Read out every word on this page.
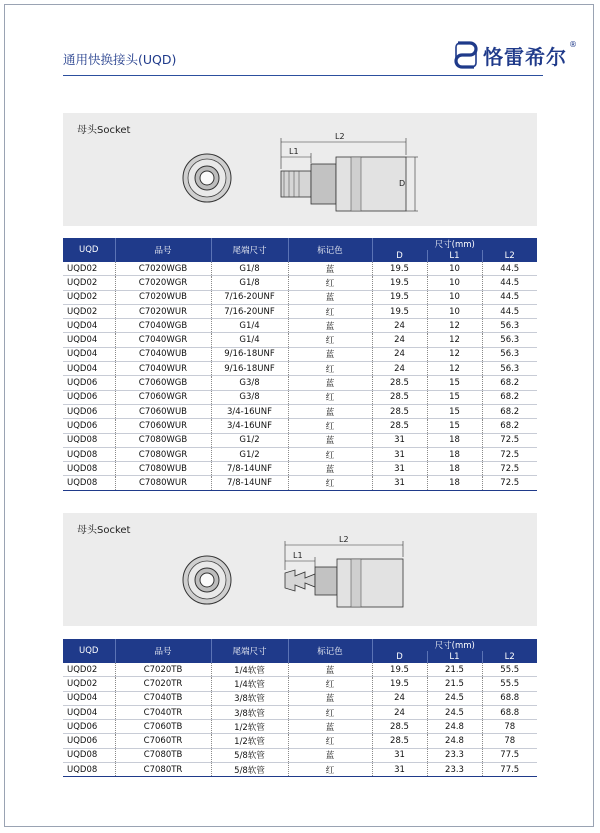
通用快换接头(UQD)	恪雷希尔 ®
母头Socket
L2
L1
D
UQD	品号	尾端尺寸	标记色	尺寸(mm)		
				D	L1	L2
UQD02	C7020WGB	G1/8	蓝	19.5	10	44.5
UQD02	C7020WGR	G1/8	红	19.5	10	44.5
UQD02	C7020WUB	7/16-20UNF	蓝	19.5	10	44.5
UQD02	C7020WUR	7/16-20UNF	红	19.5	10	44.5
UQD04	C7040WGB	G1/4	蓝	24	12	56.3
UQD04	C7040WGR	G1/4	红	24	12	56.3
UQD04	C7040WUB	9/16-18UNF	蓝	24	12	56.3
UQD04	C7040WUR	9/16-18UNF	红	24	12	56.3
UQD06	C7060WGB	G3/8	蓝	28.5	15	68.2
UQD06	C7060WGR	G3/8	红	28.5	15	68.2
UQD06	C7060WUB	3/4-16UNF	蓝	28.5	15	68.2
UQD06	C7060WUR	3/4-16UNF	红	28.5	15	68.2
UQD08	C7080WGB	G1/2	蓝	31	18	72.5
UQD08	C7080WGR	G1/2	红	31	18	72.5
UQD08	C7080WUB	7/8-14UNF	蓝	31	18	72.5
UQD08	C7080WUR	7/8-14UNF	红	31	18	72.5
母头Socket
L2
L1
UQD	品号	尾端尺寸	标记色	尺寸(mm)		
				D	L1	L2
UQD02	C7020TB	1/4软管	蓝	19.5	21.5	55.5
UQD02	C7020TR	1/4软管	红	19.5	21.5	55.5
UQD04	C7040TB	3/8软管	蓝	24	24.5	68.8
UQD04	C7040TR	3/8软管	红	24	24.5	68.8
UQD06	C7060TB	1/2软管	蓝	28.5	24.8	78
UQD06	C7060TR	1/2软管	红	28.5	24.8	78
UQD08	C7080TB	5/8软管	蓝	31	23.3	77.5
UQD08	C7080TR	5/8软管	红	31	23.3	77.5
